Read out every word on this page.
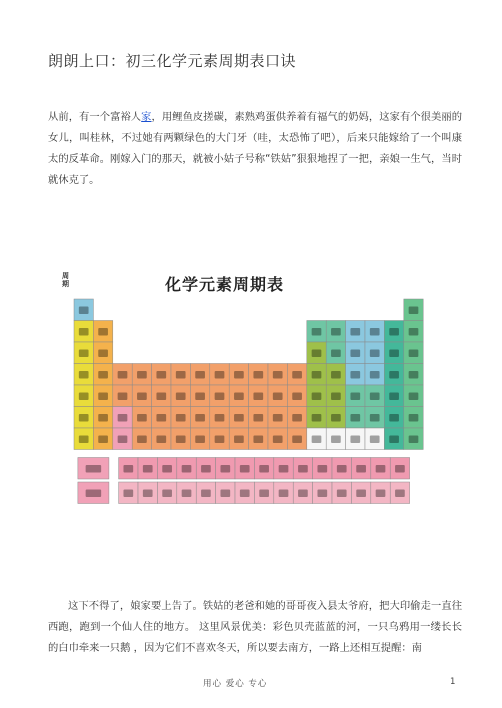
朗朗上口：初三化学元素周期表口诀
从前，有一个富裕人家，用鲤鱼皮搓碳，素熟鸡蛋供养着有福气的奶妈，这家有个很美丽的女儿，叫桂林，不过她有两颗绿色的大门牙（哇，太恐怖了吧），后来只能嫁给了一个叫康太的反革命。刚嫁入门的那天，就被小姑子号称“铁姑”狠狠地捏了一把，亲娘一生气，当时就休克了。
周
期	化学元素周期表
这下不得了，娘家要上告了。铁姑的老爸和她的哥哥夜入县太爷府，把大印偷走一直往西跑，跑到一个仙人住的地方。 这里风景优美：彩色贝壳蓝蓝的河，一只乌鸦用一缕长长的白巾牵来一只鹅 ，因为它们不喜欢冬天，所以要去南方，一路上还相互提醒：南
用心 爱心 专心	1
